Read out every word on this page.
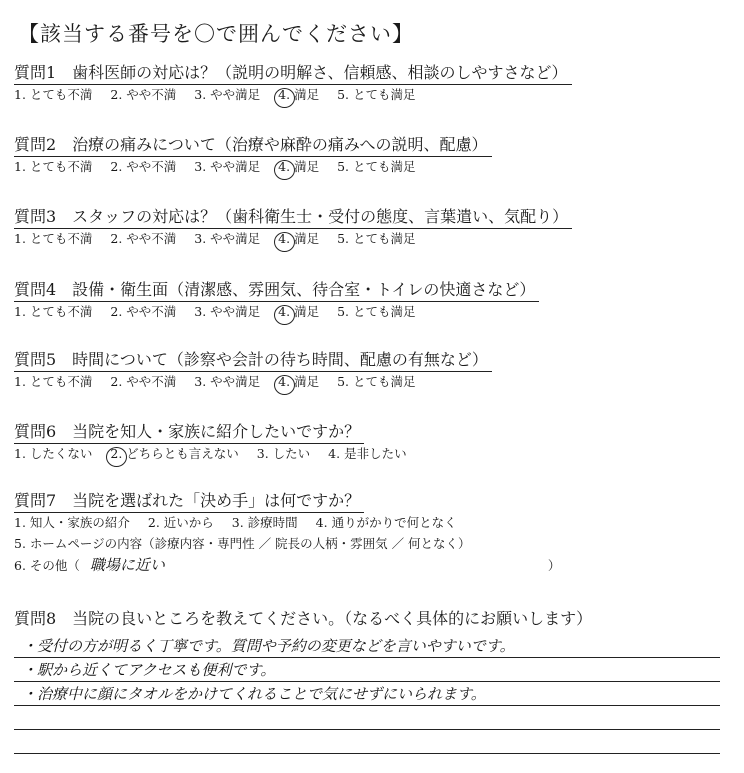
【該当する番号を〇で囲んでください】
質問1　歯科医師の対応は？（説明の明解さ、信頼感、相談のしやすさなど）
1. とても不満 2. やや不満 3. やや満足 4. 満足 5. とても満足
質問2　治療の痛みについて（治療や麻酔の痛みへの説明、配慮）
1. とても不満 2. やや不満 3. やや満足 4. 満足 5. とても満足
質問3　スタッフの対応は？（歯科衛生士・受付の態度、言葉遣い、気配り）
1. とても不満 2. やや不満 3. やや満足 4. 満足 5. とても満足
質問4　設備・衛生面（清潔感、雰囲気、待合室・トイレの快適さなど）
1. とても不満 2. やや不満 3. やや満足 4. 満足 5. とても満足
質問5　時間について（診察や会計の待ち時間、配慮の有無など）
1. とても不満 2. やや不満 3. やや満足 4. 満足 5. とても満足
質問6　当院を知人・家族に紹介したいですか？
1. したくない 2. どちらとも言えない 3. したい 4. 是非したい
質問7　当院を選ばれた「決め手」は何ですか？
1. 知人・家族の紹介 2. 近いから 3. 診療時間 4. 通りがかりで何となく
5. ホームページの内容（診療内容・専門性 ／ 院長の人柄・雰囲気 ／ 何となく）
6. その他（ 職場に近い	）
質問8　当院の良いところを教えてください。（なるべく具体的にお願いします）
・受付の方が明るく丁寧です。質問や予約の変更などを言いやすいです。
・駅から近くてアクセスも便利です。
・治療中に顔にタオルをかけてくれることで気にせずにいられます。
